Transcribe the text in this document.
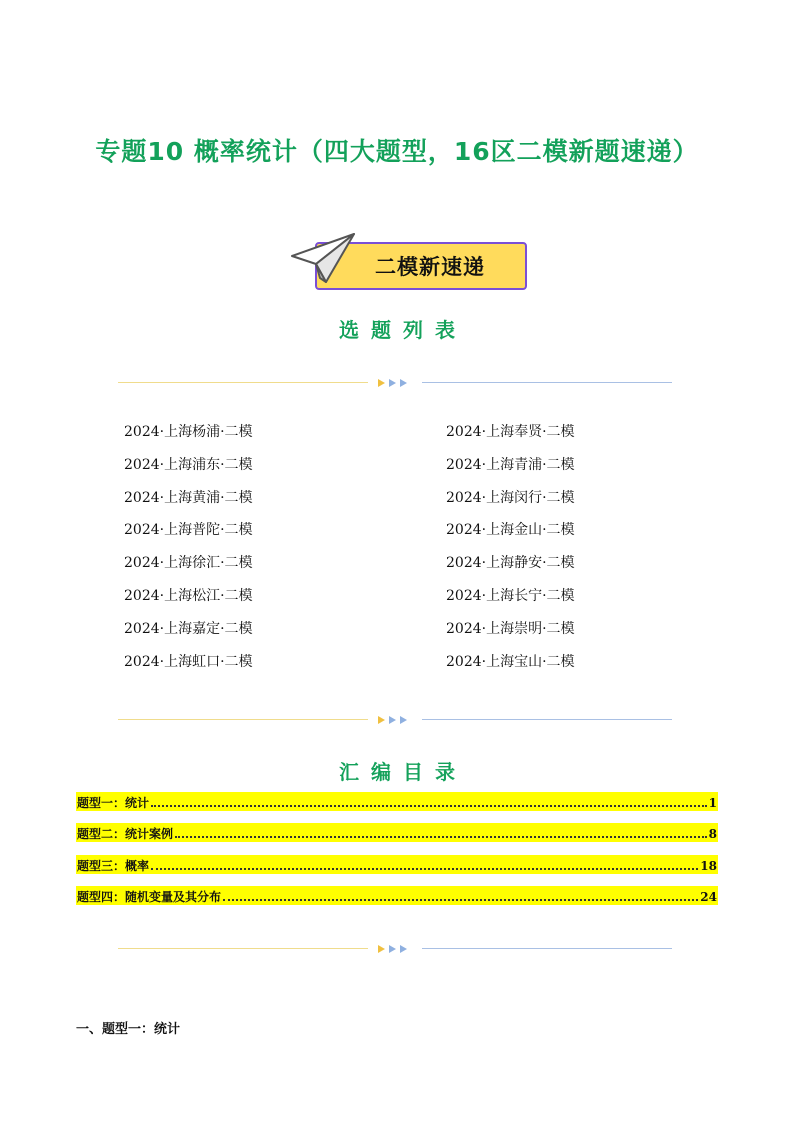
专题10 概率统计（四大题型，16区二模新题速递）
二模新速递
选题列表
2024·上海杨浦·二模
2024·上海浦东·二模
2024·上海黄浦·二模
2024·上海普陀·二模
2024·上海徐汇·二模
2024·上海松江·二模
2024·上海嘉定·二模
2024·上海虹口·二模
2024·上海奉贤·二模
2024·上海青浦·二模
2024·上海闵行·二模
2024·上海金山·二模
2024·上海静安·二模
2024·上海长宁·二模
2024·上海崇明·二模
2024·上海宝山·二模
汇编目录
题型一：统计	1
题型二：统计案例	8
题型三：概率	18
题型四：随机变量及其分布	24
一、题型一：统计
